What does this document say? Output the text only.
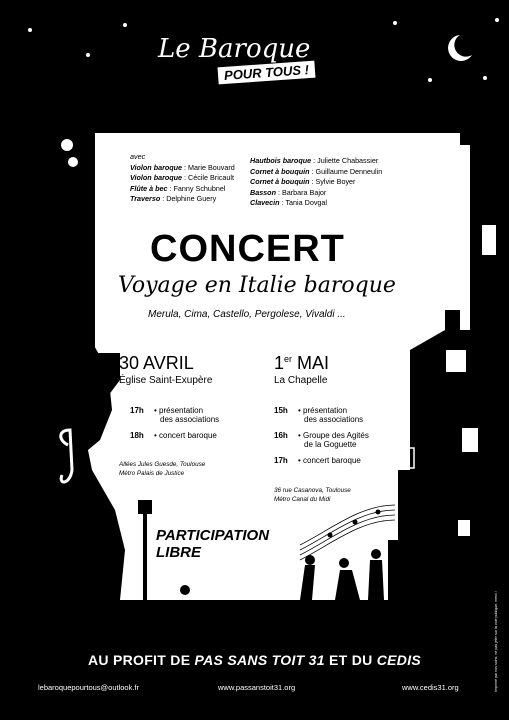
Le Baroque
POUR TOUS !
des concerts conviviaux et solidaires !
avec
Violon baroque : Marie Bouvard
Violon baroque : Cécile Bricault
Flûte à bec : Fanny Schubnel
Traverso : Delphine Guery
Hautbois baroque : Juliette Chabassier
Cornet à bouquin : Guillaume Denneulin
Cornet à bouquin : Sylvie Boyer
Basson : Barbara Bajor
Clavecin : Tania Dovgal
CONCERT
Voyage en Italie baroque
Merula, Cima, Castello, Pergolese, Vivaldi ...
30 AVRIL
Église Saint-Exupère
17h • présentation
des associations
18h • concert baroque
Allées Jules Guesde, Toulouse
Métro Palais de Justice
1er MAI
La Chapelle
15h • présentation
des associations
16h • Groupe des Agités
de la Goguette
17h • concert baroque
36 rue Casanova, Toulouse
Métro Canal du Midi
PARTICIPATION
LIBRE
AU PROFIT DE PAS SANS TOIT 31 ET DU CEDIS
lebaroquepourtous@outlook.fr	www.passanstoit31.org	www.cedis31.org	Imprimé par nos soins, ne pas jeter sur la voie publique, merci !
